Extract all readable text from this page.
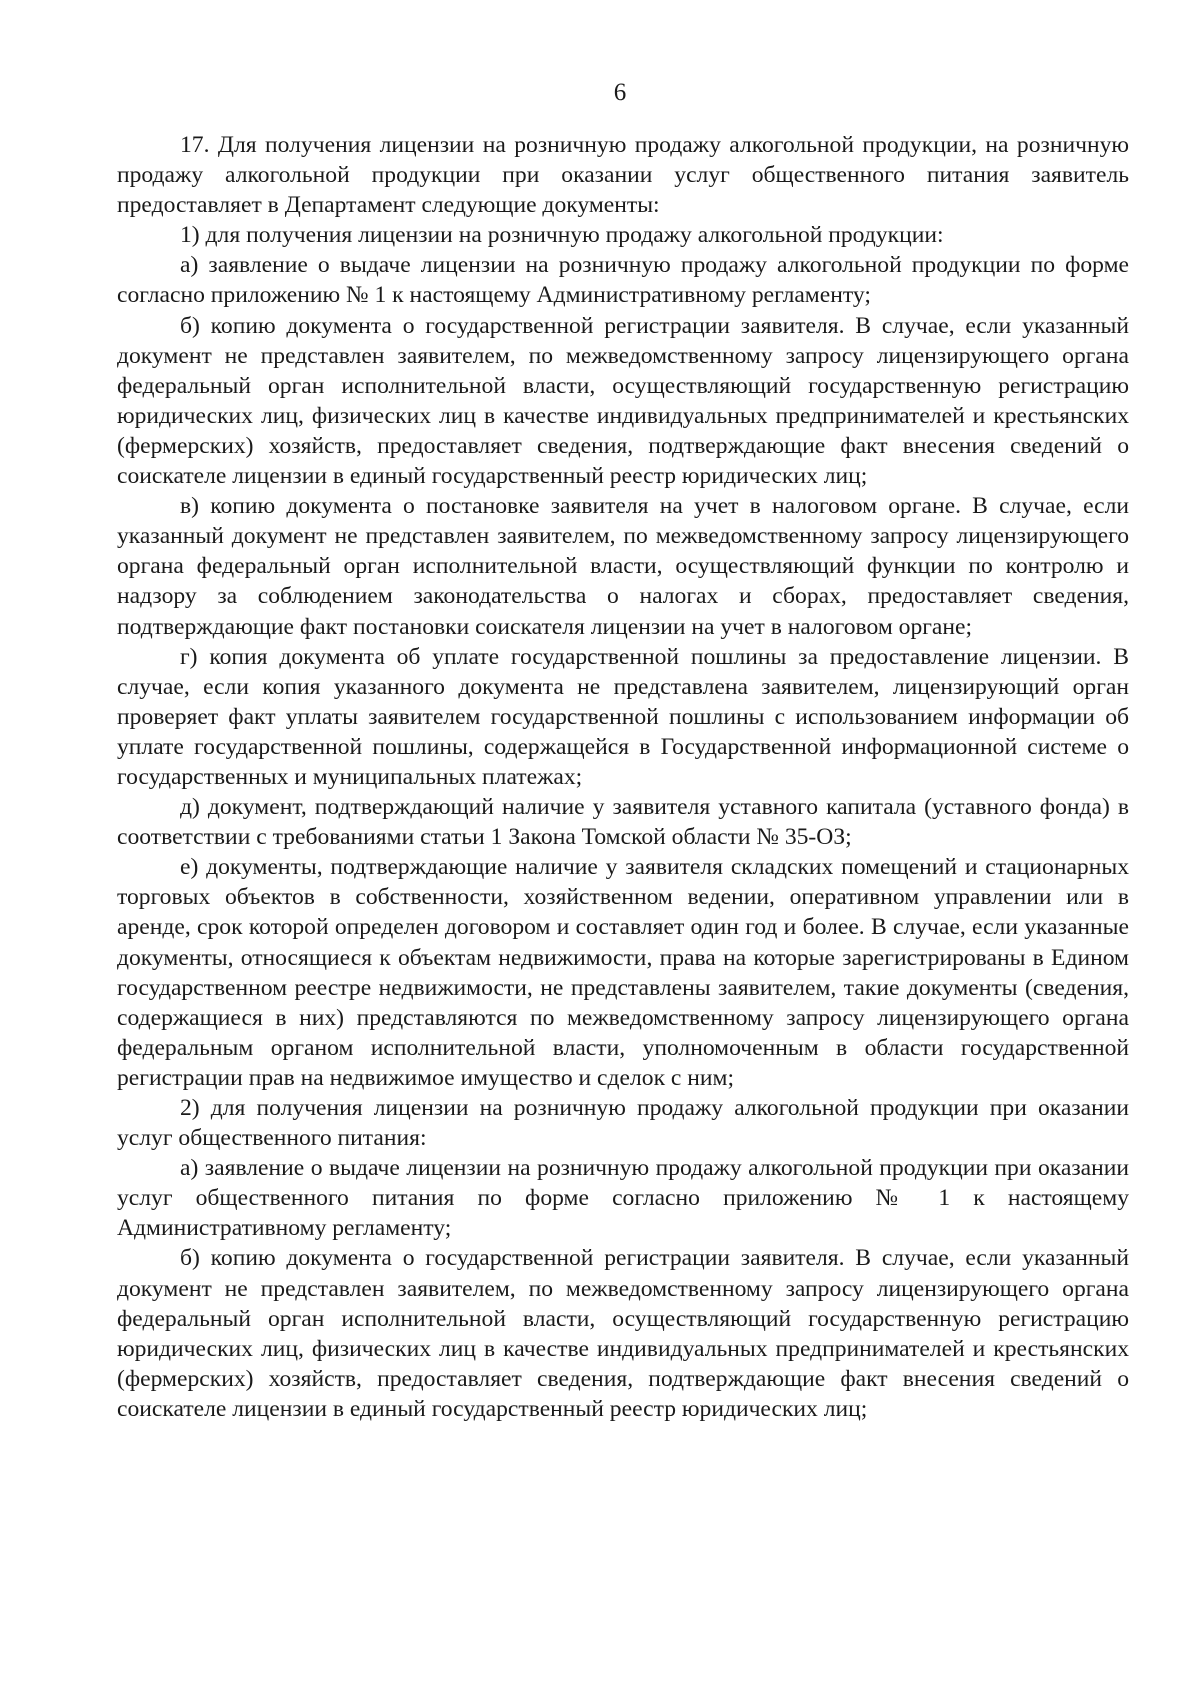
6

17. Для получения лицензии на розничную продажу алкогольной продукции, на розничную продажу алкогольной продукции при оказании услуг общественного питания заявитель предоставляет в Департамент следующие документы:

1) для получения лицензии на розничную продажу алкогольной продукции:

а) заявление о выдаче лицензии на розничную продажу алкогольной продукции по форме согласно приложению № 1 к настоящему Административному регламенту;

б) копию документа о государственной регистрации заявителя. В случае, если указанный документ не представлен заявителем, по межведомственному запросу лицензирующего органа федеральный орган исполнительной власти, осуществляющий государственную регистрацию юридических лиц, физических лиц в качестве индивидуальных предпринимателей и крестьянских (фермерских) хозяйств, предоставляет сведения, подтверждающие факт внесения сведений о соискателе лицензии в единый государственный реестр юридических лиц;

в) копию документа о постановке заявителя на учет в налоговом органе. В случае, если указанный документ не представлен заявителем, по межведомственному запросу лицензирующего органа федеральный орган исполнительной власти, осуществляющий функции по контролю и надзору за соблюдением законодательства о налогах и сборах, предоставляет сведения, подтверждающие факт постановки соискателя лицензии на учет в налоговом органе;

г) копия документа об уплате государственной пошлины за предоставление лицензии. В случае, если копия указанного документа не представлена заявителем, лицензирующий орган проверяет факт уплаты заявителем государственной пошлины с использованием информации об уплате государственной пошлины, содержащейся в Государственной информационной системе о государственных и муниципальных платежах;

д) документ, подтверждающий наличие у заявителя уставного капитала (уставного фонда) в соответствии с требованиями статьи 1 Закона Томской области № 35-ОЗ;

е) документы, подтверждающие наличие у заявителя складских помещений и стационарных торговых объектов в собственности, хозяйственном ведении, оперативном управлении или в аренде, срок которой определен договором и составляет один год и более. В случае, если указанные документы, относящиеся к объектам недвижимости, права на которые зарегистрированы в Едином государственном реестре недвижимости, не представлены заявителем, такие документы (сведения, содержащиеся в них) представляются по межведомственному запросу лицензирующего органа федеральным органом исполнительной власти, уполномоченным в области государственной регистрации прав на недвижимое имущество и сделок с ним;

2) для получения лицензии на розничную продажу алкогольной продукции при оказании услуг общественного питания:

а) заявление о выдаче лицензии на розничную продажу алкогольной продукции при оказании услуг общественного питания по форме согласно приложению № 1 к настоящему Административному регламенту;

б) копию документа о государственной регистрации заявителя. В случае, если указанный документ не представлен заявителем, по межведомственному запросу лицензирующего органа федеральный орган исполнительной власти, осуществляющий государственную регистрацию юридических лиц, физических лиц в качестве индивидуальных предпринимателей и крестьянских (фермерских) хозяйств, предоставляет сведения, подтверждающие факт внесения сведений о соискателе лицензии в единый государственный реестр юридических лиц;
